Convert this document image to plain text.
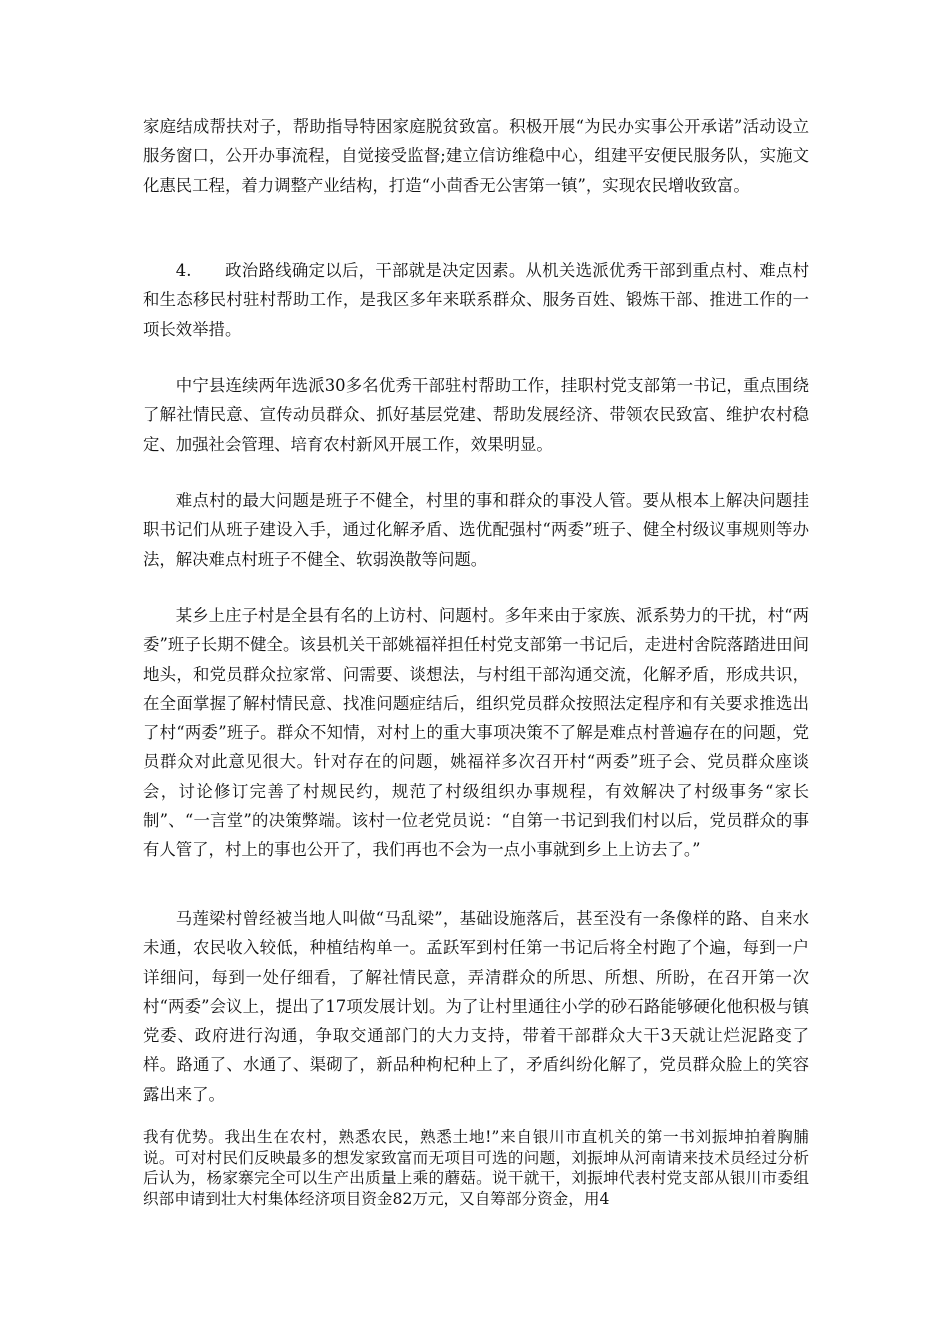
家庭结成帮扶对子，帮助指导特困家庭脱贫致富。积极开展“为民办实事公开承诺”活动设立服务窗口，公开办事流程，自觉接受监督;建立信访维稳中心，组建平安便民服务队，实施文化惠民工程，着力调整产业结构，打造“小茴香无公害第一镇”，实现农民增收致富。

4.　　政治路线确定以后，干部就是决定因素。从机关选派优秀干部到重点村、难点村和生态移民村驻村帮助工作，是我区多年来联系群众、服务百姓、锻炼干部、推进工作的一项长效举措。

中宁县连续两年选派30多名优秀干部驻村帮助工作，挂职村党支部第一书记，重点围绕了解社情民意、宣传动员群众、抓好基层党建、帮助发展经济、带领农民致富、维护农村稳定、加强社会管理、培育农村新风开展工作，效果明显。

难点村的最大问题是班子不健全，村里的事和群众的事没人管。要从根本上解决问题挂职书记们从班子建设入手，通过化解矛盾、选优配强村“两委”班子、健全村级议事规则等办法，解决难点村班子不健全、软弱涣散等问题。

某乡上庄子村是全县有名的上访村、问题村。多年来由于家族、派系势力的干扰，村“两委”班子长期不健全。该县机关干部姚福祥担任村党支部第一书记后，走进村舍院落踏进田间地头，和党员群众拉家常、问需要、谈想法，与村组干部沟通交流，化解矛盾，形成共识，在全面掌握了解村情民意、找准问题症结后，组织党员群众按照法定程序和有关要求推选出了村“两委”班子。群众不知情，对村上的重大事项决策不了解是难点村普遍存在的问题，党员群众对此意见很大。针对存在的问题，姚福祥多次召开村“两委”班子会、党员群众座谈会，讨论修订完善了村规民约，规范了村级组织办事规程，有效解决了村级事务“家长制”、“一言堂”的决策弊端。该村一位老党员说：“自第一书记到我们村以后，党员群众的事有人管了，村上的事也公开了，我们再也不会为一点小事就到乡上上访去了。”

马莲梁村曾经被当地人叫做“马乱梁”，基础设施落后，甚至没有一条像样的路、自来水未通，农民收入较低，种植结构单一。孟跃军到村任第一书记后将全村跑了个遍，每到一户详细问，每到一处仔细看，了解社情民意，弄清群众的所思、所想、所盼，在召开第一次村“两委”会议上，提出了17项发展计划。为了让村里通往小学的砂石路能够硬化他积极与镇党委、政府进行沟通，争取交通部门的大力支持，带着干部群众大干3天就让烂泥路变了样。路通了、水通了、渠砌了，新品种枸杞种上了，矛盾纠纷化解了，党员群众脸上的笑容露出来了。

我有优势。我出生在农村，熟悉农民，熟悉土地!”来自银川市直机关的第一书刘振坤拍着胸脯说。可对村民们反映最多的想发家致富而无项目可选的问题，刘振坤从河南请来技术员经过分析后认为，杨家寨完全可以生产出质量上乘的蘑菇。说干就干，刘振坤代表村党支部从银川市委组织部申请到壮大村集体经济项目资金82万元，又自筹部分资金，用4
